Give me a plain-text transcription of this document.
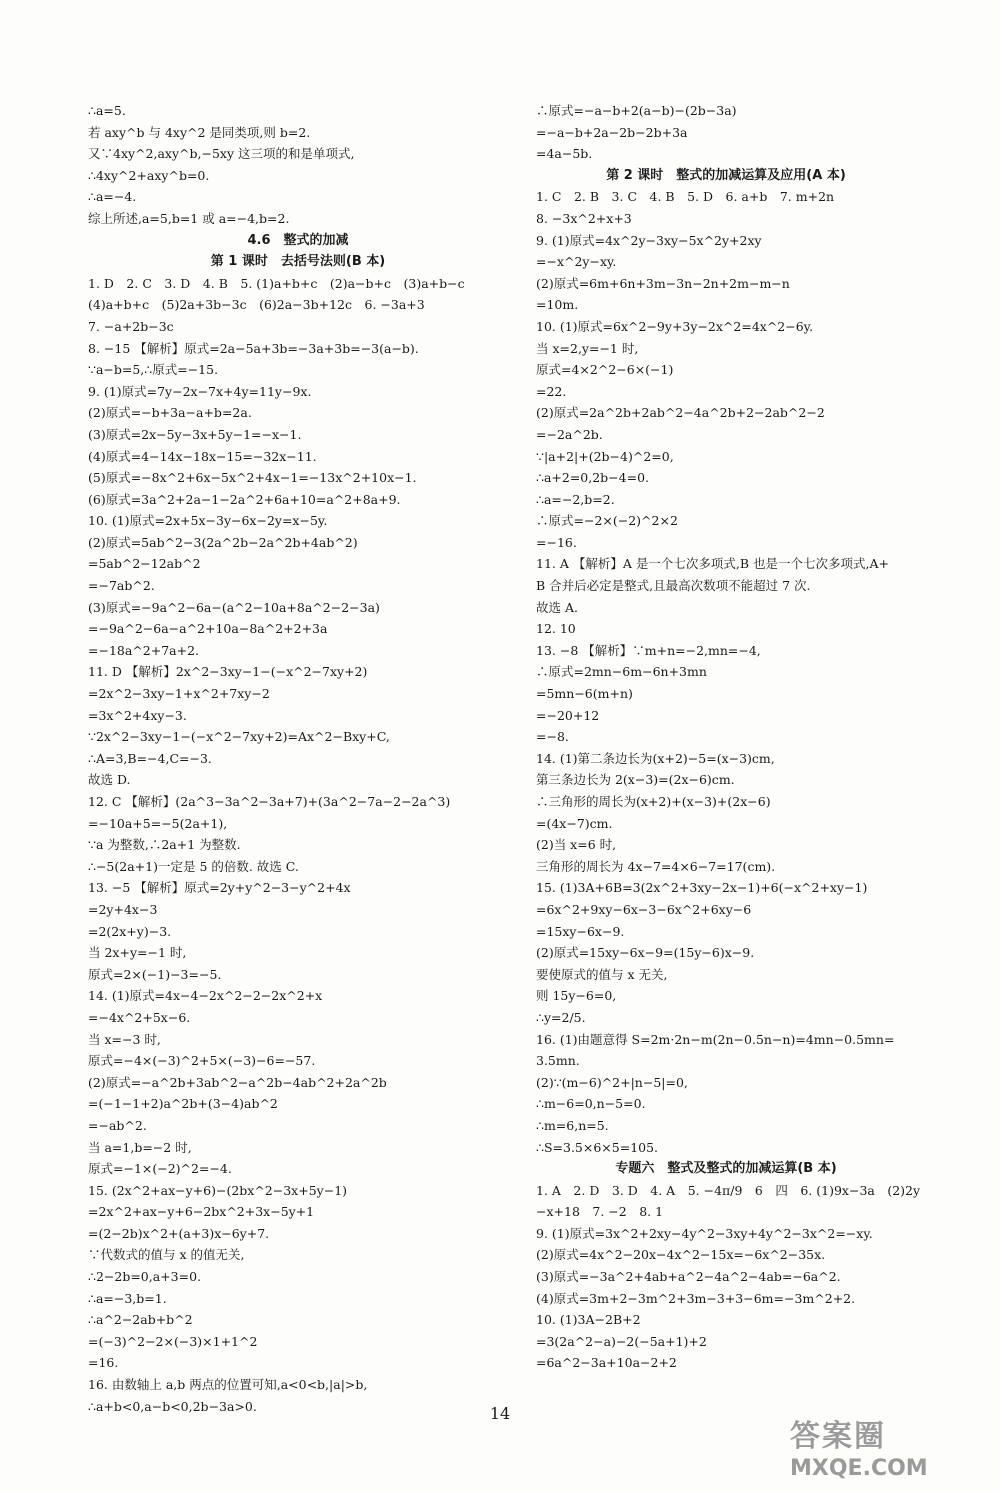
∴a=5.
若 axy^b 与 4xy^2 是同类项,则 b=2.
又∵4xy^2,axy^b,−5xy 这三项的和是单项式,
∴4xy^2+axy^b=0.
∴a=−4.
综上所述,a=5,b=1 或 a=−4,b=2.
4.6　整式的加减
第 1 课时　去括号法则(B 本)
1. D　2. C　3. D　4. B　5. (1)a+b+c　(2)a−b+c　(3)a+b−c
(4)a+b+c　(5)2a+3b−3c　(6)2a−3b+12c　6. −3a+3
7. −a+2b−3c
8. −15 【解析】原式=2a−5a+3b=−3a+3b=−3(a−b).
∵a−b=5,∴原式=−15.
9. (1)原式=7y−2x−7x+4y=11y−9x.
(2)原式=−b+3a−a+b=2a.
(3)原式=2x−5y−3x+5y−1=−x−1.
(4)原式=4−14x−18x−15=−32x−11.
(5)原式=−8x^2+6x−5x^2+4x−1=−13x^2+10x−1.
(6)原式=3a^2+2a−1−2a^2+6a+10=a^2+8a+9.
10. (1)原式=2x+5x−3y−6x−2y=x−5y.
(2)原式=5ab^2−3(2a^2b−2a^2b+4ab^2)
=5ab^2−12ab^2
=−7ab^2.
(3)原式=−9a^2−6a−(a^2−10a+8a^2−2−3a)
=−9a^2−6a−a^2+10a−8a^2+2+3a
=−18a^2+7a+2.
11. D 【解析】2x^2−3xy−1−(−x^2−7xy+2)
=2x^2−3xy−1+x^2+7xy−2
=3x^2+4xy−3.
∵2x^2−3xy−1−(−x^2−7xy+2)=Ax^2−Bxy+C,
∴A=3,B=−4,C=−3.
故选 D.
12. C 【解析】(2a^3−3a^2−3a+7)+(3a^2−7a−2−2a^3)
=−10a+5=−5(2a+1),
∵a 为整数,∴2a+1 为整数.
∴−5(2a+1)一定是 5 的倍数. 故选 C.
13. −5 【解析】原式=2y+y^2−3−y^2+4x
=2y+4x−3
=2(2x+y)−3.
当 2x+y=−1 时,
原式=2×(−1)−3=−5.
14. (1)原式=4x−4−2x^2−2−2x^2+x
=−4x^2+5x−6.
当 x=−3 时,
原式=−4×(−3)^2+5×(−3)−6=−57.
(2)原式=−a^2b+3ab^2−a^2b−4ab^2+2a^2b
=(−1−1+2)a^2b+(3−4)ab^2
=−ab^2.
当 a=1,b=−2 时,
原式=−1×(−2)^2=−4.
15. (2x^2+ax−y+6)−(2bx^2−3x+5y−1)
=2x^2+ax−y+6−2bx^2+3x−5y+1
=(2−2b)x^2+(a+3)x−6y+7.
∵代数式的值与 x 的值无关,
∴2−2b=0,a+3=0.
∴a=−3,b=1.
∴a^2−2ab+b^2
=(−3)^2−2×(−3)×1+1^2
=16.
16. 由数轴上 a,b 两点的位置可知,a<0<b,|a|>b,
∴a+b<0,a−b<0,2b−3a>0.
∴原式=−a−b+2(a−b)−(2b−3a)
=−a−b+2a−2b−2b+3a
=4a−5b.
第 2 课时　整式的加减运算及应用(A 本)
1. C　2. B　3. C　4. B　5. D　6. a+b　7. m+2n
8. −3x^2+x+3
9. (1)原式=4x^2y−3xy−5x^2y+2xy
=−x^2y−xy.
(2)原式=6m+6n+3m−3n−2n+2m−m−n
=10m.
10. (1)原式=6x^2−9y+3y−2x^2=4x^2−6y.
当 x=2,y=−1 时,
原式=4×2^2−6×(−1)
=22.
(2)原式=2a^2b+2ab^2−4a^2b+2−2ab^2−2
=−2a^2b.
∵|a+2|+(2b−4)^2=0,
∴a+2=0,2b−4=0.
∴a=−2,b=2.
∴原式=−2×(−2)^2×2
=−16.
11. A 【解析】A 是一个七次多项式,B 也是一个七次多项式,A+
B 合并后必定是整式,且最高次数项不能超过 7 次.
故选 A.
12. 10
13. −8 【解析】∵m+n=−2,mn=−4,
∴原式=2mn−6m−6n+3mn
=5mn−6(m+n)
=−20+12
=−8.
14. (1)第二条边长为(x+2)−5=(x−3)cm,
第三条边长为 2(x−3)=(2x−6)cm.
∴三角形的周长为(x+2)+(x−3)+(2x−6)
=(4x−7)cm.
(2)当 x=6 时,
三角形的周长为 4x−7=4×6−7=17(cm).
15. (1)3A+6B=3(2x^2+3xy−2x−1)+6(−x^2+xy−1)
=6x^2+9xy−6x−3−6x^2+6xy−6
=15xy−6x−9.
(2)原式=15xy−6x−9=(15y−6)x−9.
要使原式的值与 x 无关,
则 15y−6=0,
∴y=2/5.
16. (1)由题意得 S=2m·2n−m(2n−0.5n−n)=4mn−0.5mn=
3.5mn.
(2)∵(m−6)^2+|n−5|=0,
∴m−6=0,n−5=0.
∴m=6,n=5.
∴S=3.5×6×5=105.
专题六　整式及整式的加减运算(B 本)
1. A　2. D　3. D　4. A　5. −4π/9　6　四　6. (1)9x−3a　(2)2y
−x+18　7. −2　8. 1
9. (1)原式=3x^2+2xy−4y^2−3xy+4y^2−3x^2=−xy.
(2)原式=4x^2−20x−4x^2−15x=−6x^2−35x.
(3)原式=−3a^2+4ab+a^2−4a^2−4ab=−6a^2.
(4)原式=3m+2−3m^2+3m−3+3−6m=−3m^2+2.
10. (1)3A−2B+2
=3(2a^2−a)−2(−5a+1)+2
=6a^2−3a+10a−2+2
14
答案圈
MXQE.COM
